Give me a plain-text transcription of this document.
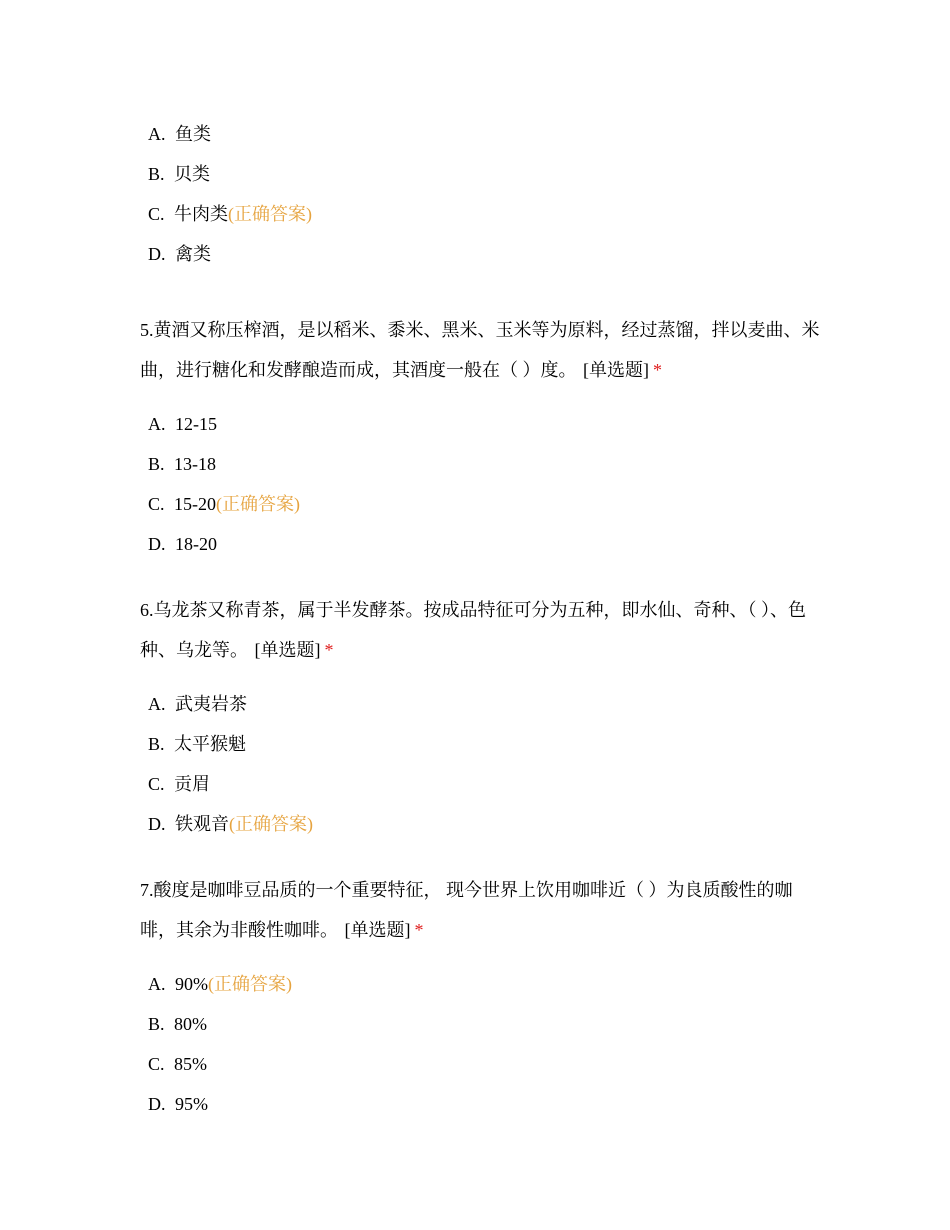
A. 鱼类
B. 贝类
C. 牛肉类(正确答案)
D. 禽类

5.黄酒又称压榨酒，是以稻米、黍米、黑米、玉米等为原料，经过蒸馏，拌以麦曲、米曲，进行糖化和发酵酿造而成，其酒度一般在（ ）度。 [单选题] *

A. 12-15
B. 13-18
C. 15-20(正确答案)
D. 18-20

6.乌龙茶又称青茶，属于半发酵茶。按成品特征可分为五种，即水仙、奇种、（ ）、色种、乌龙等。 [单选题] *

A. 武夷岩茶
B. 太平猴魁
C. 贡眉
D. 铁观音(正确答案)

7.酸度是咖啡豆品质的一个重要特征， 现今世界上饮用咖啡近（ ）为良质酸性的咖啡，其余为非酸性咖啡。 [单选题] *

A. 90%(正确答案)
B. 80%
C. 85%
D. 95%
